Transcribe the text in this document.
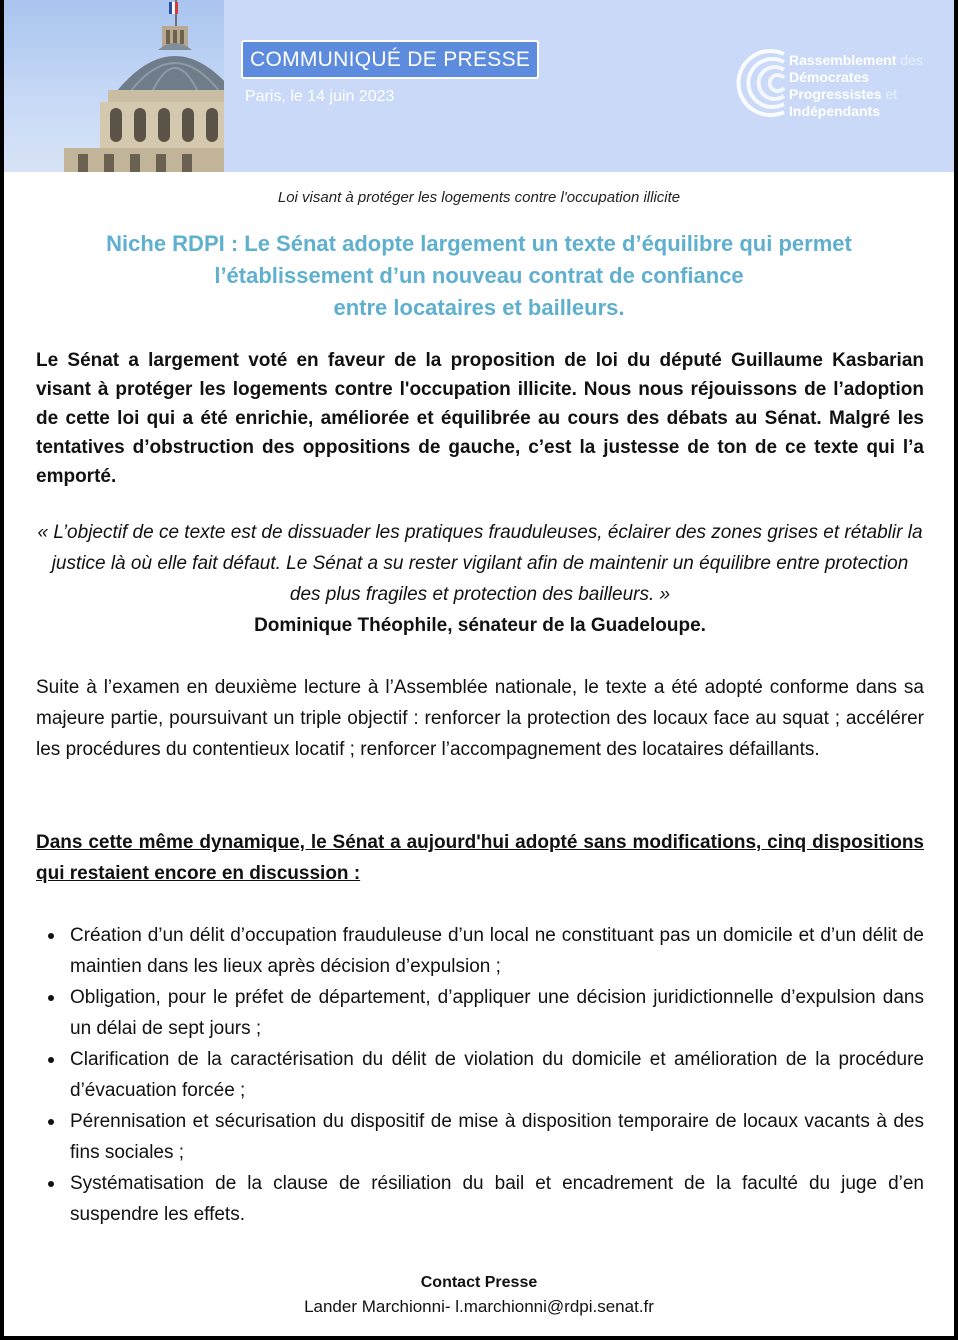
COMMUNIQUÉ DE PRESSE
Paris, le 14 juin 2023
Rassemblement des
Démocrates
Progressistes et
Indépendants
Loi visant à protéger les logements contre l'occupation illicite
Niche RDPI : Le Sénat adopte largement un texte d’équilibre qui permet
l’établissement d’un nouveau contrat de confiance
entre locataires et bailleurs.
Le Sénat a largement voté en faveur de la proposition de loi du député Guillaume Kasbarian visant à protéger les logements contre l'occupation illicite. Nous nous réjouissons de l’adoption de cette loi qui a été enrichie, améliorée et équilibrée au cours des débats au Sénat. Malgré les tentatives d’obstruction des oppositions de gauche, c’est la justesse de ton de ce texte qui l’a emporté.
« L’objectif de ce texte est de dissuader les pratiques frauduleuses, éclairer des zones grises et rétablir la justice là où elle fait défaut. Le Sénat a su rester vigilant afin de maintenir un équilibre entre protection des plus fragiles et protection des bailleurs. »
Dominique Théophile, sénateur de la Guadeloupe.
Suite à l’examen en deuxième lecture à l’Assemblée nationale, le texte a été adopté conforme dans sa majeure partie, poursuivant un triple objectif : renforcer la protection des locaux face au squat ; accélérer les procédures du contentieux locatif ; renforcer l’accompagnement des locataires défaillants.
Dans cette même dynamique, le Sénat a aujourd'hui adopté sans modifications, cinq dispositions qui restaient encore en discussion :
Création d’un délit d’occupation frauduleuse d’un local ne constituant pas un domicile et d’un délit de maintien dans les lieux après décision d’expulsion ;
Obligation, pour le préfet de département, d’appliquer une décision juridictionnelle d’expulsion dans un délai de sept jours ;
Clarification de la caractérisation du délit de violation du domicile et amélioration de la procédure d’évacuation forcée ;
Pérennisation et sécurisation du dispositif de mise à disposition temporaire de locaux vacants à des fins sociales ;
Systématisation de la clause de résiliation du bail et encadrement de la faculté du juge d’en suspendre les effets.
Contact Presse
Lander Marchionni- l.marchionni@rdpi.senat.fr
